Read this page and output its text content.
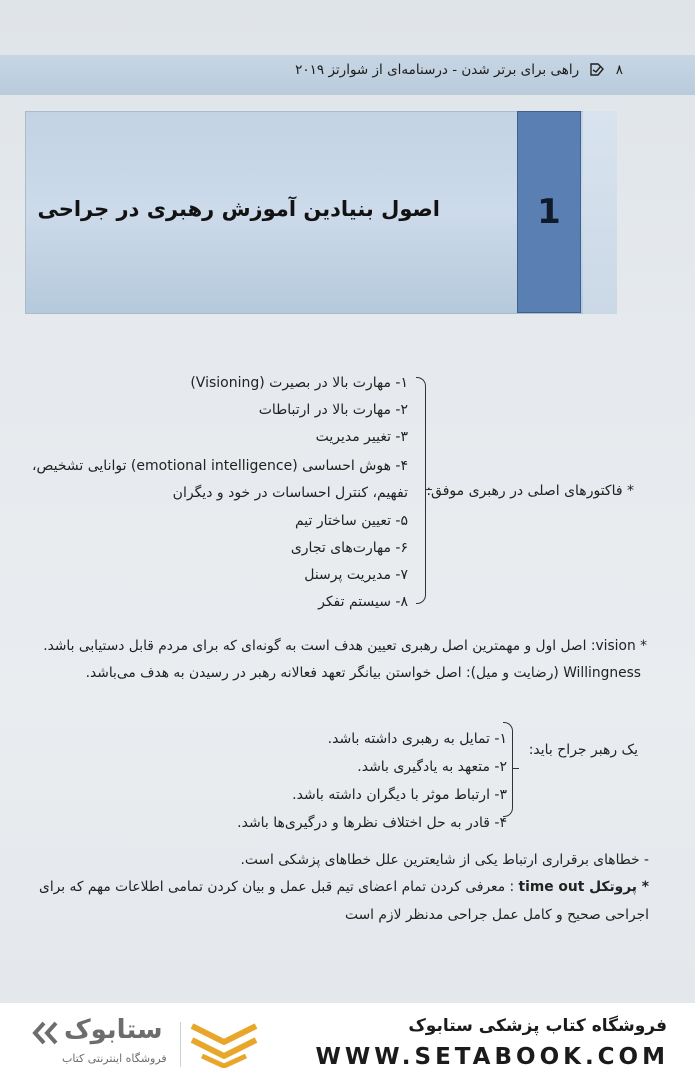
۸  راهی برای برتر شدن - درسنامه‌ای از شوارتز ۲۰۱۹
1
اصول بنیادین آموزش رهبری در جراحی
۱- مهارت بالا در بصیرت (Visioning)
۲- مهارت بالا در ارتباطات
۳- تغییر مدیریت
۴- هوش احساسی (emotional intelligence) توانایی تشخیص،
تفهیم، کنترل احساسات در خود و دیگران
۵- تعیین ساختار تیم
۶- مهارت‌های تجاری
۷- مدیریت پرسنل
۸- سیستم تفکر
* فاکتورهای اصلی در رهبری موفق:
* vision: اصل اول و مهمترین اصل رهبری تعیین هدف است به گونه‌ای که برای مردم قابل دستیابی باشد.
Willingness (رضایت و میل): اصل خواستن بیانگر تعهد فعالانه رهبر در رسیدن به هدف می‌باشد.
۱- تمایل به رهبری داشته باشد.
۲- متعهد به یادگیری باشد.
۳- ارتباط موثر با دیگران داشته باشد.
۴- قادر به حل اختلاف نظرها و درگیری‌ها باشد.
یک رهبر جراح باید:
- خطاهای برقراری ارتباط یکی از شایعترین علل خطاهای پزشکی است.
* پروتکل time out : معرفی کردن تمام اعضای تیم قبل عمل و بیان کردن تمامی اطلاعات مهم که برای
اجراحی صحیح و کامل عمل جراحی مدنظر لازم است
فروشگاه کتاب پزشکی ستابوک
WWW.SETABOOK.COM
ستابوک
فروشگاه اینترنتی کتاب
